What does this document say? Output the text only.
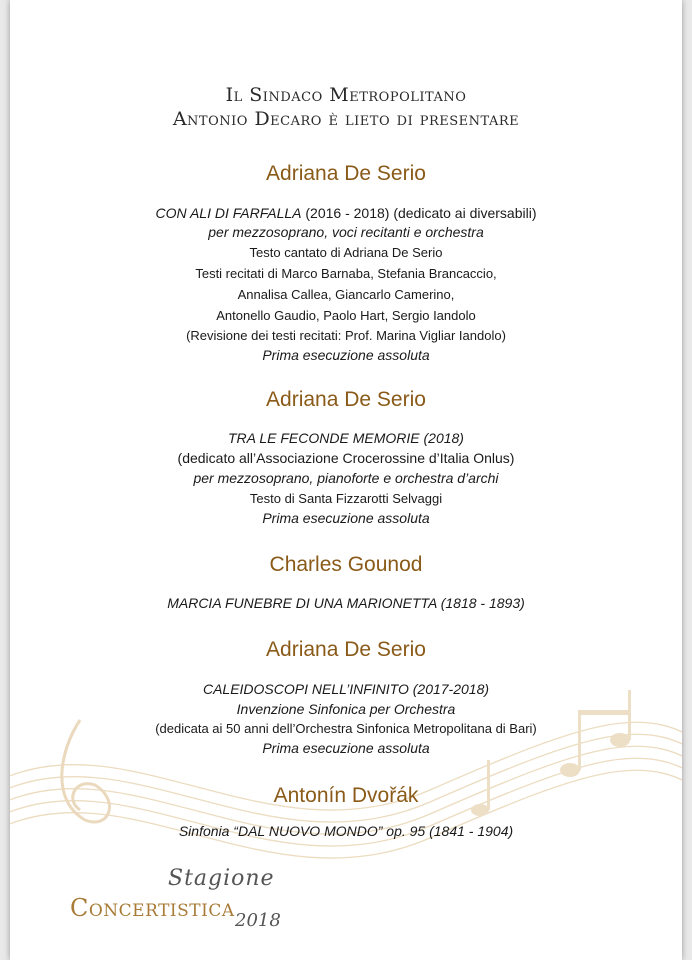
Il Sindaco Metropolitano
Antonio Decaro è lieto di presentare
Adriana De Serio
CON ALI DI FARFALLA (2016 - 2018) (dedicato ai diversabili)
per mezzosoprano, voci recitanti e orchestra
Testo cantato di Adriana De Serio
Testi recitati di Marco Barnaba, Stefania Brancaccio,
Annalisa Callea, Giancarlo Camerino,
Antonello Gaudio, Paolo Hart, Sergio Iandolo
(Revisione dei testi recitati: Prof. Marina Vigliar Iandolo)
Prima esecuzione assoluta
Adriana De Serio
TRA LE FECONDE MEMORIE (2018)
(dedicato all’Associazione Crocerossine d’Italia Onlus)
per mezzosoprano, pianoforte e orchestra d’archi
Testo di Santa Fizzarotti Selvaggi
Prima esecuzione assoluta
Charles Gounod
MARCIA FUNEBRE DI UNA MARIONETTA (1818 - 1893)
Adriana De Serio
CALEIDOSCOPI NELL’INFINITO (2017-2018)
Invenzione Sinfonica per Orchestra
(dedicata ai 50 anni dell’Orchestra Sinfonica Metropolitana di Bari)
Prima esecuzione assoluta
Antonín Dvořák
Sinfonia “DAL NUOVO MONDO” op. 95 (1841 - 1904)
Stagione
Concertistica 2018
